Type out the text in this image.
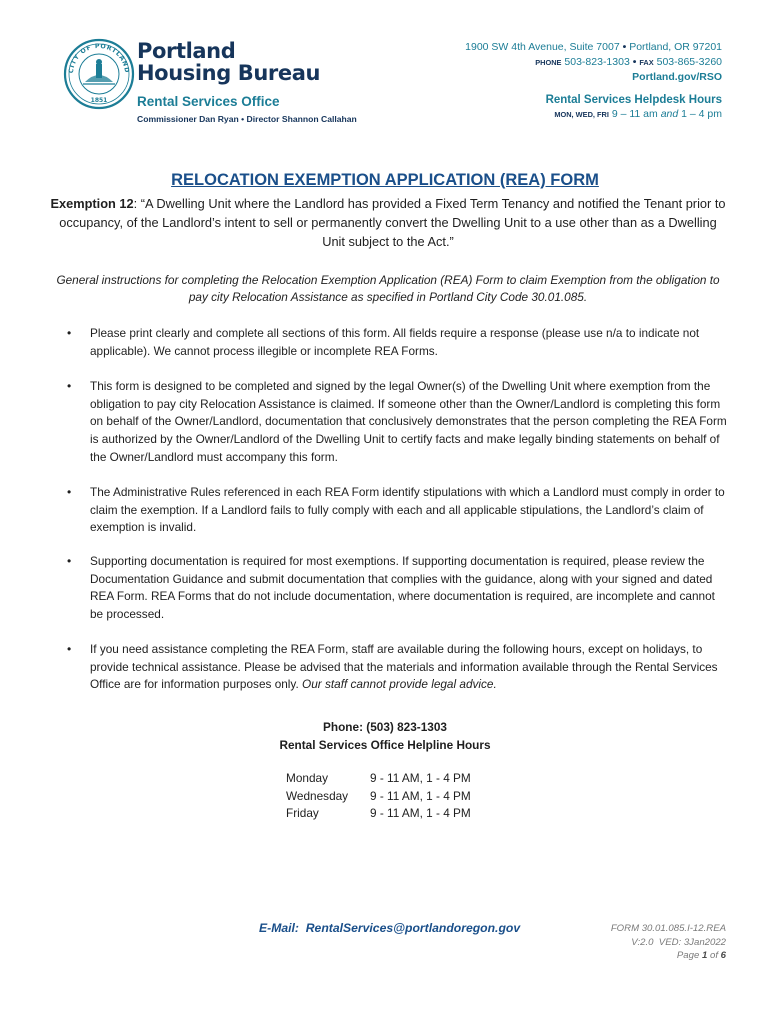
CITY OF PORTLAND
1851
Portland
Housing Bureau
Rental Services Office
Commissioner Dan Ryan • Director Shannon Callahan
1900 SW 4th Avenue, Suite 7007 • Portland, OR 97201
PHONE 503-823-1303 • FAX 503-865-3260
Portland.gov/RSO
Rental Services Helpdesk Hours
MON, WED, FRI 9 – 11 am and 1 – 4 pm
RELOCATION EXEMPTION APPLICATION (REA) FORM
Exemption 12: “A Dwelling Unit where the Landlord has provided a Fixed Term Tenancy and notified the Tenant prior to occupancy, of the Landlord’s intent to sell or permanently convert the Dwelling Unit to a use other than as a Dwelling Unit subject to the Act.”
General instructions for completing the Relocation Exemption Application (REA) Form to claim Exemption from the obligation to pay city Relocation Assistance as specified in Portland City Code 30.01.085.
• Please print clearly and complete all sections of this form. All fields require a response (please use n/a to indicate not applicable). We cannot process illegible or incomplete REA Forms.
• This form is designed to be completed and signed by the legal Owner(s) of the Dwelling Unit where exemption from the obligation to pay city Relocation Assistance is claimed. If someone other than the Owner/Landlord is completing this form on behalf of the Owner/Landlord, documentation that conclusively demonstrates that the person completing the REA Form is authorized by the Owner/Landlord of the Dwelling Unit to certify facts and make legally binding statements on behalf of the Owner/Landlord must accompany this form.
• The Administrative Rules referenced in each REA Form identify stipulations with which a Landlord must comply in order to claim the exemption. If a Landlord fails to fully comply with each and all applicable stipulations, the Landlord’s claim of exemption is invalid.
• Supporting documentation is required for most exemptions. If supporting documentation is required, please review the Documentation Guidance and submit documentation that complies with the guidance, along with your signed and dated REA Form. REA Forms that do not include documentation, where documentation is required, are incomplete and cannot be processed.
• If you need assistance completing the REA Form, staff are available during the following hours, except on holidays, to provide technical assistance. Please be advised that the materials and information available through the Rental Services Office are for information purposes only. Our staff cannot provide legal advice.
Phone: (503) 823-1303
Rental Services Office Helpline Hours
Monday	9 - 11 AM, 1 - 4 PM
Wednesday	9 - 11 AM, 1 - 4 PM
Friday	9 - 11 AM, 1 - 4 PM
E-Mail:  RentalServices@portlandoregon.gov	FORM 30.01.085.I-12.REA
V:2.0  VED: 3Jan2022
Page 1 of 6
